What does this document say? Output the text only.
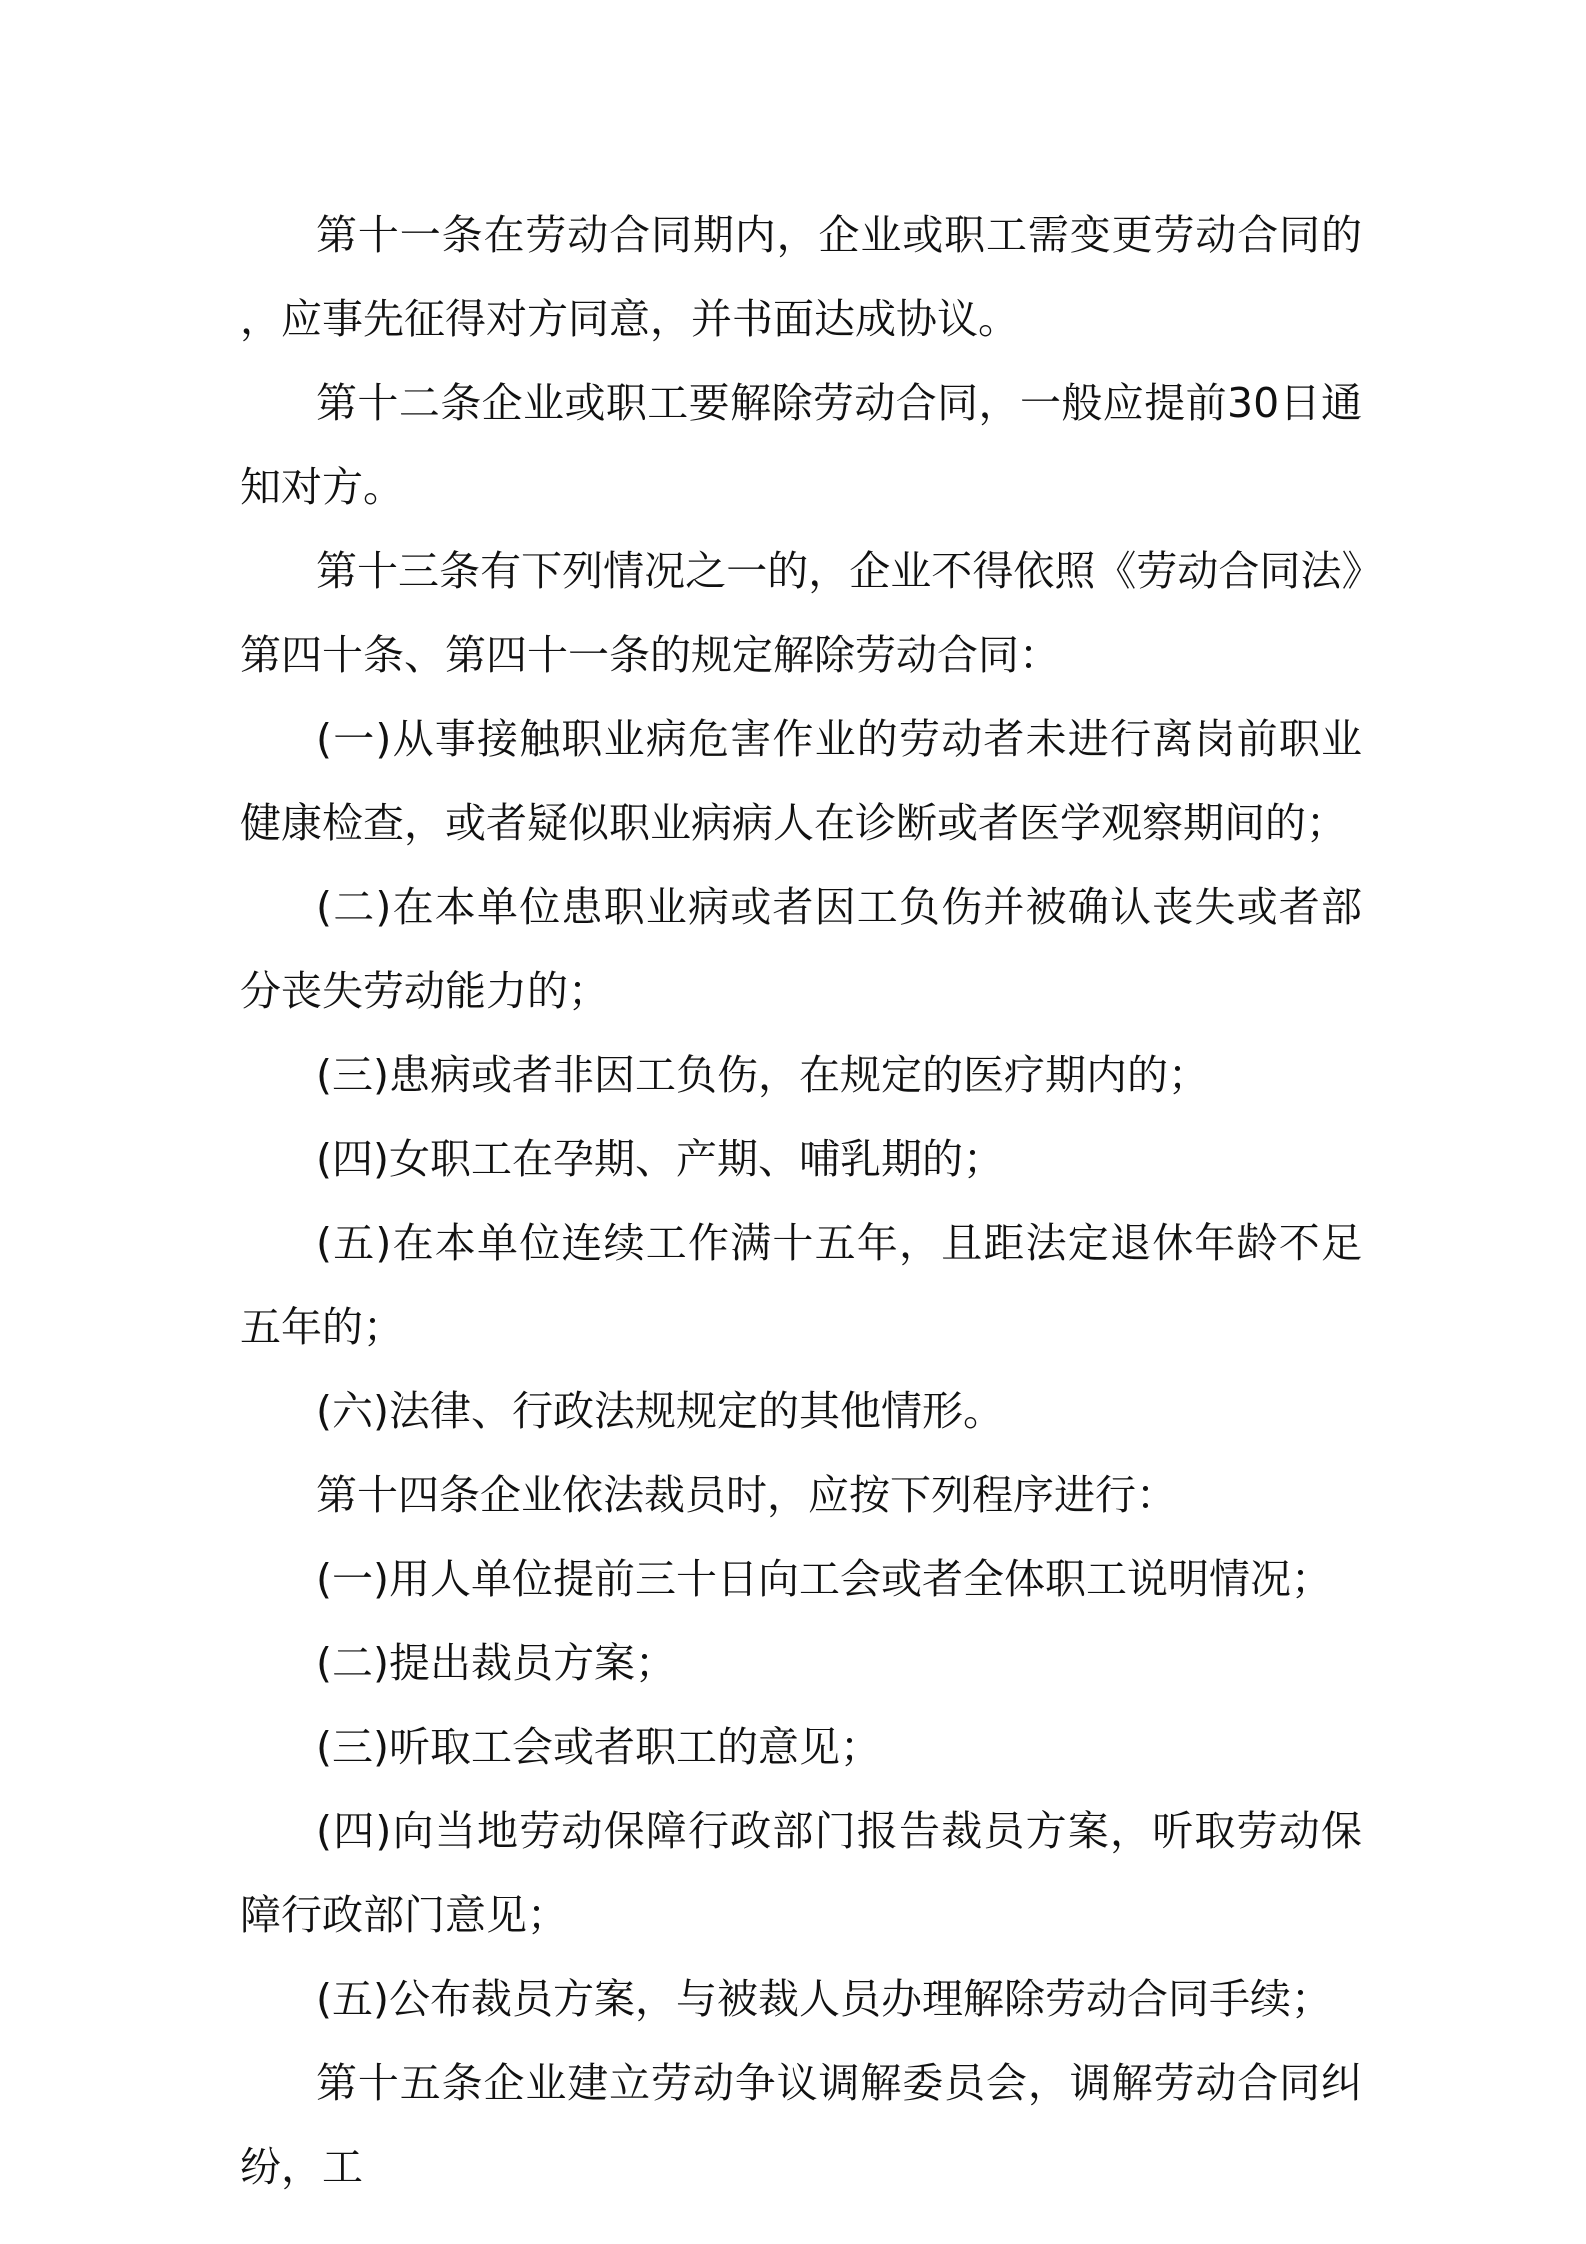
第十一条在劳动合同期内，企业或职工需变更劳动合同的，应事先征得对方同意，并书面达成协议。

第十二条企业或职工要解除劳动合同，一般应提前30日通知对方。

第十三条有下列情况之一的，企业不得依照《劳动合同法》第四十条、第四十一条的规定解除劳动合同：

(一)从事接触职业病危害作业的劳动者未进行离岗前职业健康检查，或者疑似职业病病人在诊断或者医学观察期间的；

(二)在本单位患职业病或者因工负伤并被确认丧失或者部分丧失劳动能力的；

(三)患病或者非因工负伤，在规定的医疗期内的；

(四)女职工在孕期、产期、哺乳期的；

(五)在本单位连续工作满十五年，且距法定退休年龄不足五年的；

(六)法律、行政法规规定的其他情形。

第十四条企业依法裁员时，应按下列程序进行：

(一)用人单位提前三十日向工会或者全体职工说明情况；

(二)提出裁员方案；

(三)听取工会或者职工的意见；

(四)向当地劳动保障行政部门报告裁员方案，听取劳动保障行政部门意见；

(五)公布裁员方案，与被裁人员办理解除劳动合同手续；

第十五条企业建立劳动争议调解委员会，调解劳动合同纠纷，工
